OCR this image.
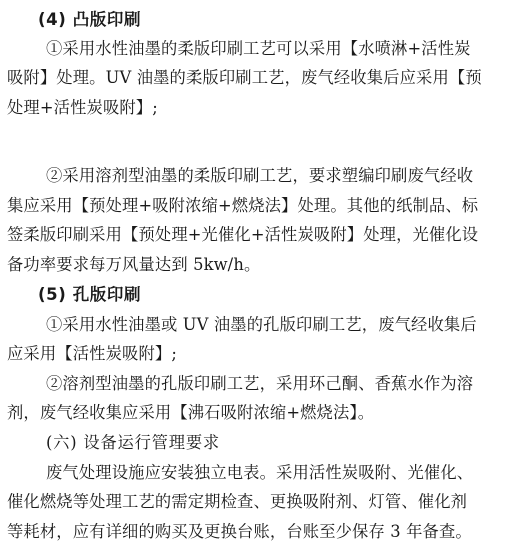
(4) 凸版印刷
①采用水性油墨的柔版印刷工艺可以采用【水喷淋+活性炭
吸附】处理。UV 油墨的柔版印刷工艺，废气经收集后应采用【预
处理+活性炭吸附】;
②采用溶剂型油墨的柔版印刷工艺，要求塑编印刷废气经收
集应采用【预处理+吸附浓缩+燃烧法】处理。其他的纸制品、标
签柔版印刷采用【预处理+光催化+活性炭吸附】处理，光催化设
备功率要求每万风量达到 5kw/h。
(5) 孔版印刷
①采用水性油墨或 UV 油墨的孔版印刷工艺，废气经收集后
应采用【活性炭吸附】;
②溶剂型油墨的孔版印刷工艺，采用环己酮、香蕉水作为溶
剂，废气经收集应采用【沸石吸附浓缩+燃烧法】。
(六) 设备运行管理要求
废气处理设施应安装独立电表。采用活性炭吸附、光催化、
催化燃烧等处理工艺的需定期检查、更换吸附剂、灯管、催化剂
等耗材，应有详细的购买及更换台账，台账至少保存 3 年备查。
